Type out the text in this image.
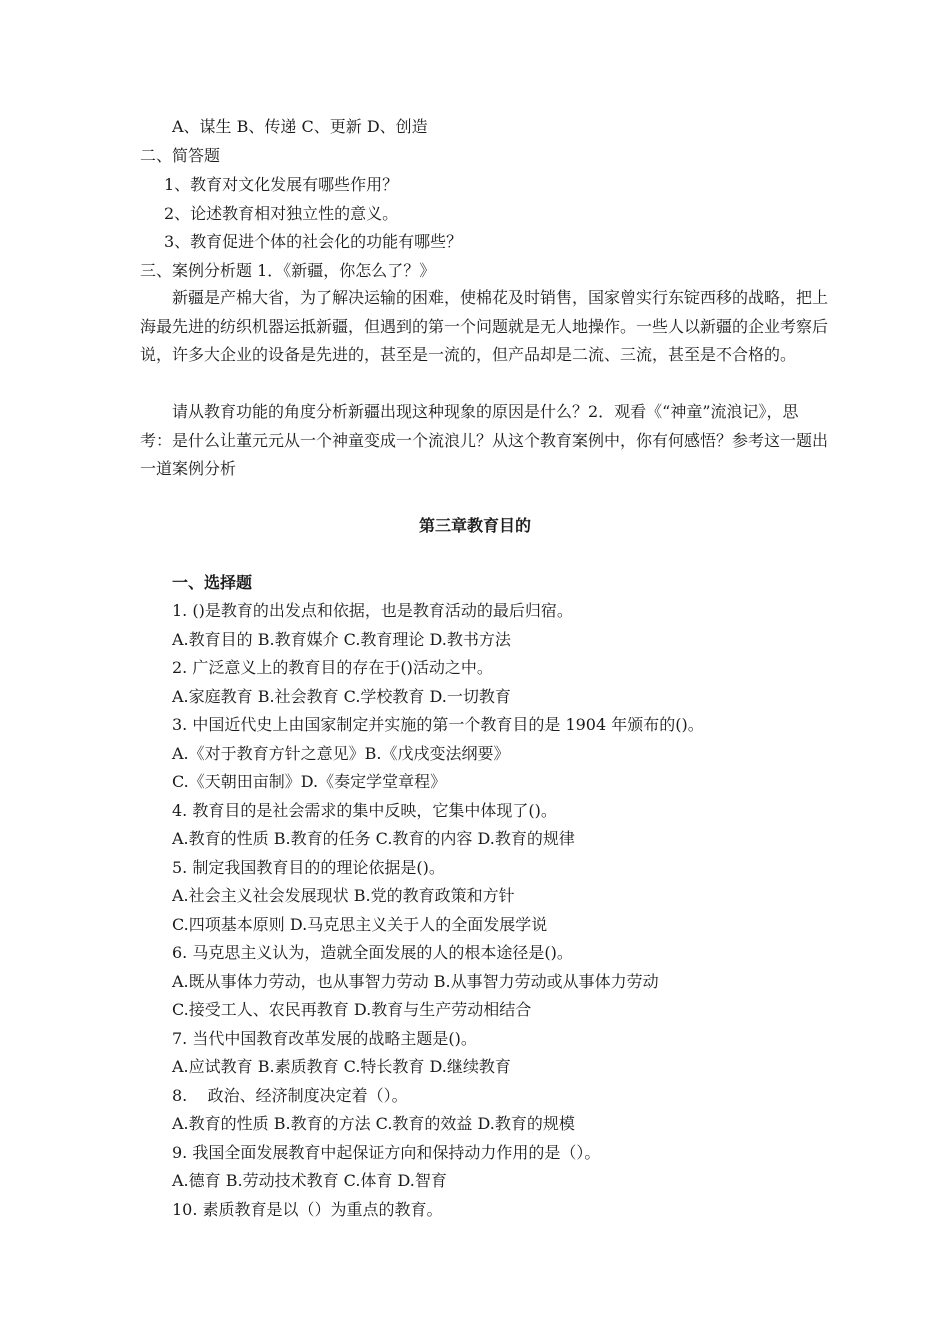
A、谋生 B、传递 C、更新 D、创造
二、简答题
1、教育对文化发展有哪些作用？
2、论述教育相对独立性的意义。
3、教育促进个体的社会化的功能有哪些？
三、案例分析题 1．《新疆，你怎么了？》
新疆是产棉大省，为了解决运输的困难，使棉花及时销售，国家曾实行东锭西移的战略，把上海最先进的纺织机器运抵新疆，但遇到的第一个问题就是无人地操作。一些人以新疆的企业考察后说，许多大企业的设备是先进的，甚至是一流的，但产品却是二流、三流，甚至是不合格的。
请从教育功能的角度分析新疆出现这种现象的原因是什么？2．观看《“神童”流浪记》，思考：是什么让董元元从一个神童变成一个流浪儿？从这个教育案例中，你有何感悟？参考这一题出一道案例分析
第三章教育目的
一、选择题
1. ()是教育的出发点和依据，也是教育活动的最后归宿。
A.教育目的 B.教育媒介 C.教育理论 D.教书方法
2. 广泛意义上的教育目的存在于()活动之中。
A.家庭教育 B.社会教育 C.学校教育 D.一切教育
3. 中国近代史上由国家制定并实施的第一个教育目的是 1904 年颁布的()。
A.《对于教育方针之意见》B.《戊戌变法纲要》
C.《天朝田亩制》D.《奏定学堂章程》
4. 教育目的是社会需求的集中反映，它集中体现了()。
A.教育的性质 B.教育的任务 C.教育的内容 D.教育的规律
5. 制定我国教育目的的理论依据是()。
A.社会主义社会发展现状 B.党的教育政策和方针
C.四项基本原则 D.马克思主义关于人的全面发展学说
6. 马克思主义认为，造就全面发展的人的根本途径是()。
A.既从事体力劳动，也从事智力劳动 B.从事智力劳动或从事体力劳动
C.接受工人、农民再教育 D.教育与生产劳动相结合
7. 当代中国教育改革发展的战略主题是()。
A.应试教育 B.素质教育 C.特长教育 D.继续教育
8.    政治、经济制度决定着（）。
A.教育的性质 B.教育的方法 C.教育的效益 D.教育的规模
9. 我国全面发展教育中起保证方向和保持动力作用的是（）。
A.德育 B.劳动技术教育 C.体育 D.智育
10. 素质教育是以（）为重点的教育。
